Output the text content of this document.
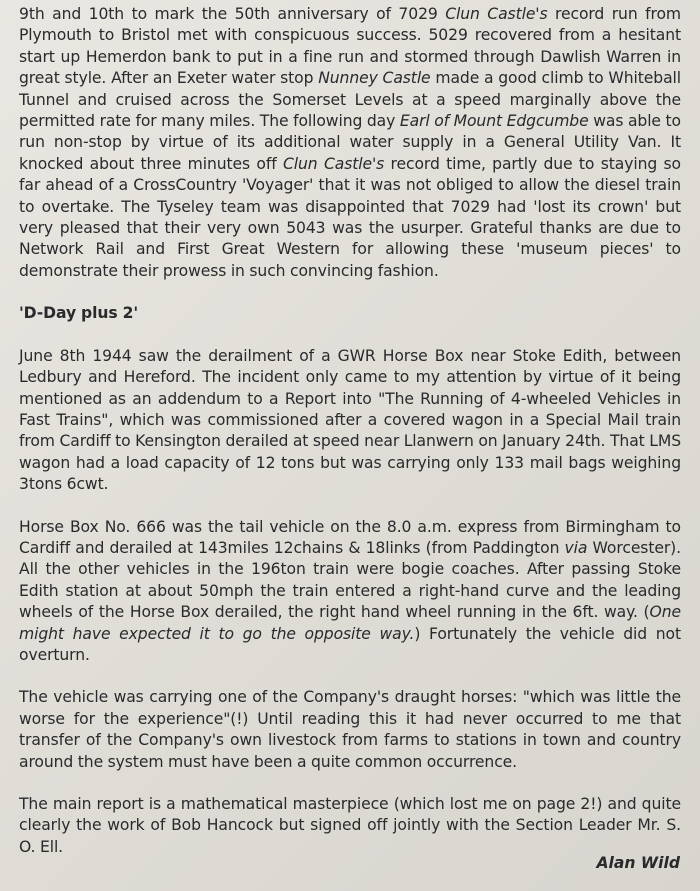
9th and 10th to mark the 50th anniversary of 7029 Clun Castle's record run from Plymouth to Bristol met with conspicuous success. 5029 recovered from a hesitant start up Hemerdon bank to put in a fine run and stormed through Dawlish Warren in great style. After an Exeter water stop Nunney Castle made a good climb to Whiteball Tunnel and cruised across the Somerset Levels at a speed marginally above the permitted rate for many miles. The following day Earl of Mount Edgcumbe was able to run non-stop by virtue of its additional water supply in a General Utility Van. It knocked about three minutes off Clun Castle's record time, partly due to staying so far ahead of a CrossCountry 'Voyager' that it was not obliged to allow the diesel train to overtake. The Tyseley team was disappointed that 7029 had 'lost its crown' but very pleased that their very own 5043 was the usurper. Grateful thanks are due to Network Rail and First Great Western for allowing these 'museum pieces' to demonstrate their prowess in such convincing fashion.

'D-Day plus 2'

June 8th 1944 saw the derailment of a GWR Horse Box near Stoke Edith, between Ledbury and Hereford. The incident only came to my attention by virtue of it being mentioned as an addendum to a Report into "The Running of 4-wheeled Vehicles in Fast Trains", which was commissioned after a covered wagon in a Special Mail train from Cardiff to Kensington derailed at speed near Llanwern on January 24th. That LMS wagon had a load capacity of 12 tons but was carrying only 133 mail bags weighing 3tons 6cwt.

Horse Box No. 666 was the tail vehicle on the 8.0 a.m. express from Birmingham to Cardiff and derailed at 143miles 12chains & 18links (from Paddington via Worcester). All the other vehicles in the 196ton train were bogie coaches. After passing Stoke Edith station at about 50mph the train entered a right-hand curve and the leading wheels of the Horse Box derailed, the right hand wheel running in the 6ft. way. (One might have expected it to go the opposite way.) Fortunately the vehicle did not overturn.

The vehicle was carrying one of the Company's draught horses: "which was little the worse for the experience"(!) Until reading this it had never occurred to me that transfer of the Company's own livestock from farms to stations in town and country around the system must have been a quite common occurrence.

The main report is a mathematical masterpiece (which lost me on page 2!) and quite clearly the work of Bob Hancock but signed off jointly with the Section Leader Mr. S. O. Ell.

Alan Wild
